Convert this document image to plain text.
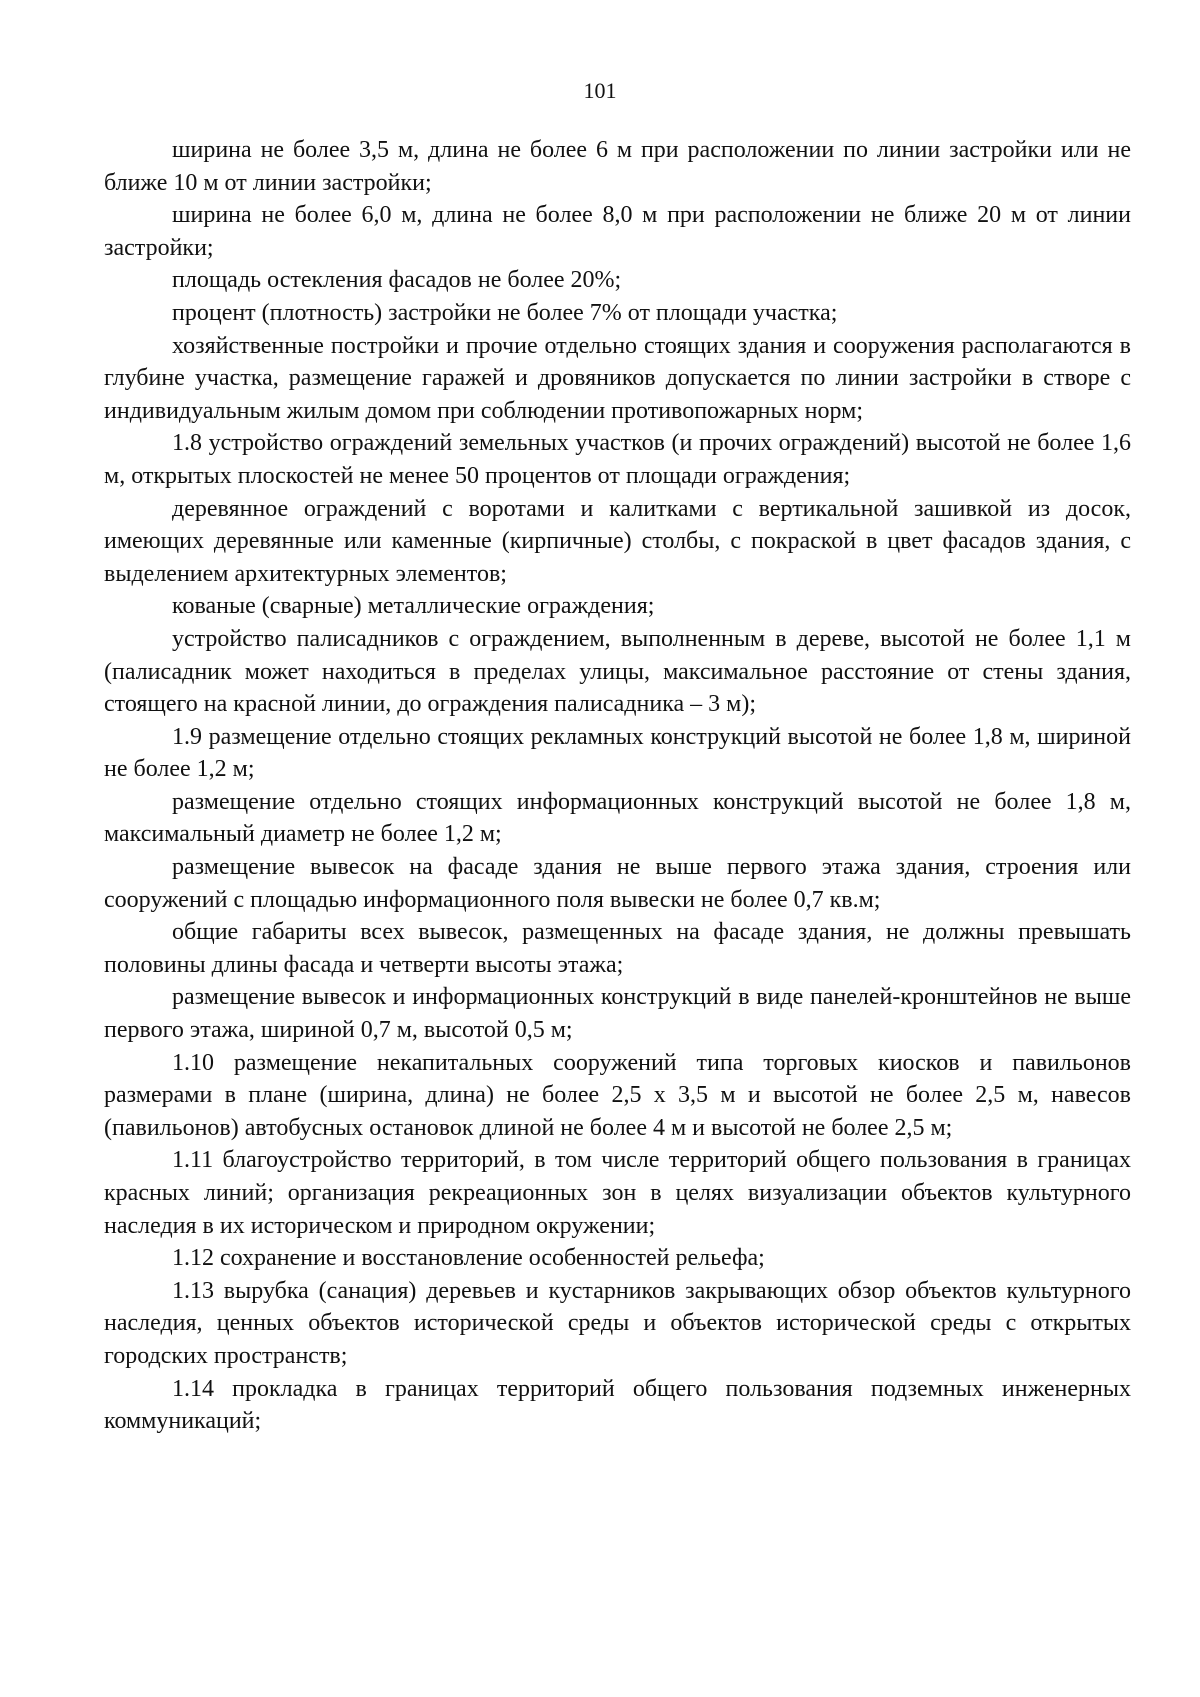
101

ширина не более 3,5 м, длина не более 6 м при расположении по линии застройки или не ближе 10 м от линии застройки;

ширина не более 6,0 м, длина не более 8,0 м при расположении не ближе 20 м от линии застройки;

площадь остекления фасадов не более 20%;

процент (плотность) застройки не более 7% от площади участка;

хозяйственные постройки и прочие отдельно стоящих здания и сооружения располагаются в глубине участка, размещение гаражей и дровяников допускается по линии застройки в створе с индивидуальным жилым домом при соблюдении противопожарных норм;

1.8 устройство ограждений земельных участков (и прочих ограждений) высотой не более 1,6 м, открытых плоскостей не менее 50 процентов от площади ограждения;

деревянное ограждений с воротами и калитками с вертикальной зашивкой из досок, имеющих деревянные или каменные (кирпичные) столбы, с покраской в цвет фасадов здания, с выделением архитектурных элементов;

кованые (сварные) металлические ограждения;

устройство палисадников с ограждением, выполненным в дереве, высотой не более 1,1 м (палисадник может находиться в пределах улицы, максимальное расстояние от стены здания, стоящего на красной линии, до ограждения палисадника – 3 м);

1.9 размещение отдельно стоящих рекламных конструкций высотой не более 1,8 м, шириной не более 1,2 м;

размещение отдельно стоящих информационных конструкций высотой не более 1,8 м, максимальный диаметр не более 1,2 м;

размещение вывесок на фасаде здания не выше первого этажа здания, строения или сооружений с площадью информационного поля вывески не более 0,7 кв.м;

общие габариты всех вывесок, размещенных на фасаде здания, не должны превышать половины длины фасада и четверти высоты этажа;

размещение вывесок и информационных конструкций в виде панелей-кронштейнов не выше первого этажа, шириной 0,7 м, высотой 0,5 м;

1.10 размещение некапитальных сооружений типа торговых киосков и павильонов размерами в плане (ширина, длина) не более 2,5 х 3,5 м и высотой не более 2,5 м, навесов (павильонов) автобусных остановок длиной не более 4 м и высотой не более 2,5 м;

1.11 благоустройство территорий, в том числе территорий общего пользования в границах красных линий; организация рекреационных зон в целях визуализации объектов культурного наследия в их историческом и природном окружении;

1.12 сохранение и восстановление особенностей рельефа;

1.13 вырубка (санация) деревьев и кустарников закрывающих обзор объектов культурного наследия, ценных объектов исторической среды и объектов исторической среды с открытых городских пространств;

1.14 прокладка в границах территорий общего пользования подземных инженерных коммуникаций;
